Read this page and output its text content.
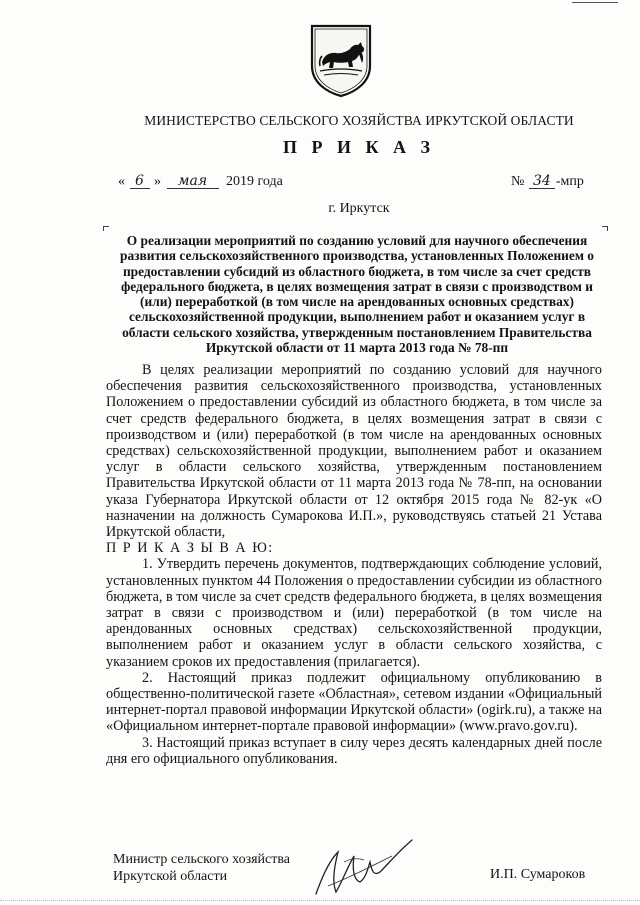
МИНИСТЕРСТВО СЕЛЬСКОГО ХОЗЯЙСТВА ИРКУТСКОЙ ОБЛАСТИ
П Р И К А З
« 6 » мая 2019 года	№ 34 -мпр
г. Иркутск
О реализации мероприятий по созданию условий для научного обеспечения развития сельскохозяйственного производства, установленных Положением о предоставлении субсидий из областного бюджета, в том числе за счет средств федерального бюджета, в целях возмещения затрат в связи с производством и (или) переработкой (в том числе на арендованных основных средствах) сельскохозяйственной продукции, выполнением работ и оказанием услуг в области сельского хозяйства, утвержденным постановлением Правительства Иркутской области от 11 марта 2013 года № 78-пп

В целях реализации мероприятий по созданию условий для научного обеспечения развития сельскохозяйственного производства, установленных Положением о предоставлении субсидий из областного бюджета, в том числе за счет средств федерального бюджета, в целях возмещения затрат в связи с производством и (или) переработкой (в том числе на арендованных основных средствах) сельскохозяйственной продукции, выполнением работ и оказанием услуг в области сельского хозяйства, утвержденным постановлением Правительства Иркутской области от 11 марта 2013 года № 78-пп, на основании указа Губернатора Иркутской области от 12 октября 2015 года № 82-ук «О назначении на должность Сумарокова И.П.», руководствуясь статьей 21 Устава Иркутской области,

П Р И К А З Ы В А Ю:

1. Утвердить перечень документов, подтверждающих соблюдение условий, установленных пунктом 44 Положения о предоставлении субсидии из областного бюджета, в том числе за счет средств федерального бюджета, в целях возмещения затрат в связи с производством и (или) переработкой (в том числе на арендованных основных средствах) сельскохозяйственной продукции, выполнением работ и оказанием услуг в области сельского хозяйства, с указанием сроков их предоставления (прилагается).

2. Настоящий приказ подлежит официальному опубликованию в общественно-политической газете «Областная», сетевом издании «Официальный интернет-портал правовой информации Иркутской области» (ogirk.ru), а также на «Официальном интернет-портале правовой информации» (www.pravo.gov.ru).

3. Настоящий приказ вступает в силу через десять календарных дней после дня его официального опубликования.

Министр сельского хозяйства
Иркутской области	И.П. Сумароков
